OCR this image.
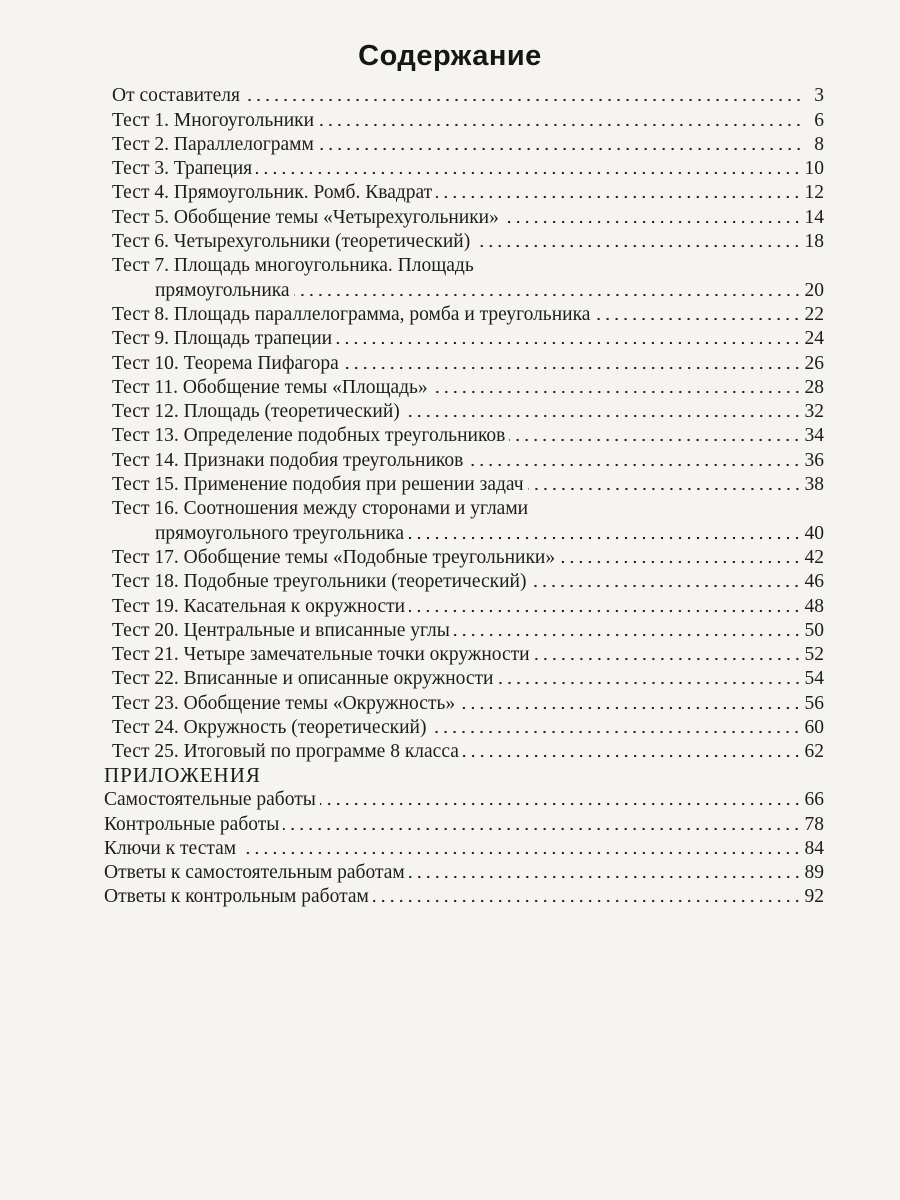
Содержание
От составителя	3
Тест 1. Многоугольники	6
Тест 2. Параллелограмм	8
Тест 3. Трапеция	10
Тест 4. Прямоугольник. Ромб. Квадрат	12
Тест 5. Обобщение темы «Четырехугольники»	14
Тест 6. Четырехугольники (теоретический)	18
Тест 7. Площадь многоугольника. Площадь
прямоугольника	20
Тест 8. Площадь параллелограмма, ромба и треугольника	22
Тест 9. Площадь трапеции	24
Тест 10. Теорема Пифагора	26
Тест 11. Обобщение темы «Площадь»	28
Тест 12. Площадь (теоретический)	32
Тест 13. Определение подобных треугольников	34
Тест 14. Признаки подобия треугольников	36
Тест 15. Применение подобия при решении задач	38
Тест 16. Соотношения между сторонами и углами
прямоугольного треугольника	40
Тест 17. Обобщение темы «Подобные треугольники»	42
Тест 18. Подобные треугольники (теоретический)	46
Тест 19. Касательная к окружности	48
Тест 20. Центральные и вписанные углы	50
Тест 21. Четыре замечательные точки окружности	52
Тест 22. Вписанные и описанные окружности	54
Тест 23. Обобщение темы «Окружность»	56
Тест 24. Окружность (теоретический)	60
Тест 25. Итоговый по программе 8 класса	62
ПРИЛОЖЕНИЯ
Самостоятельные работы	66
Контрольные работы	78
Ключи к тестам	84
Ответы к самостоятельным работам	89
Ответы к контрольным работам	92
